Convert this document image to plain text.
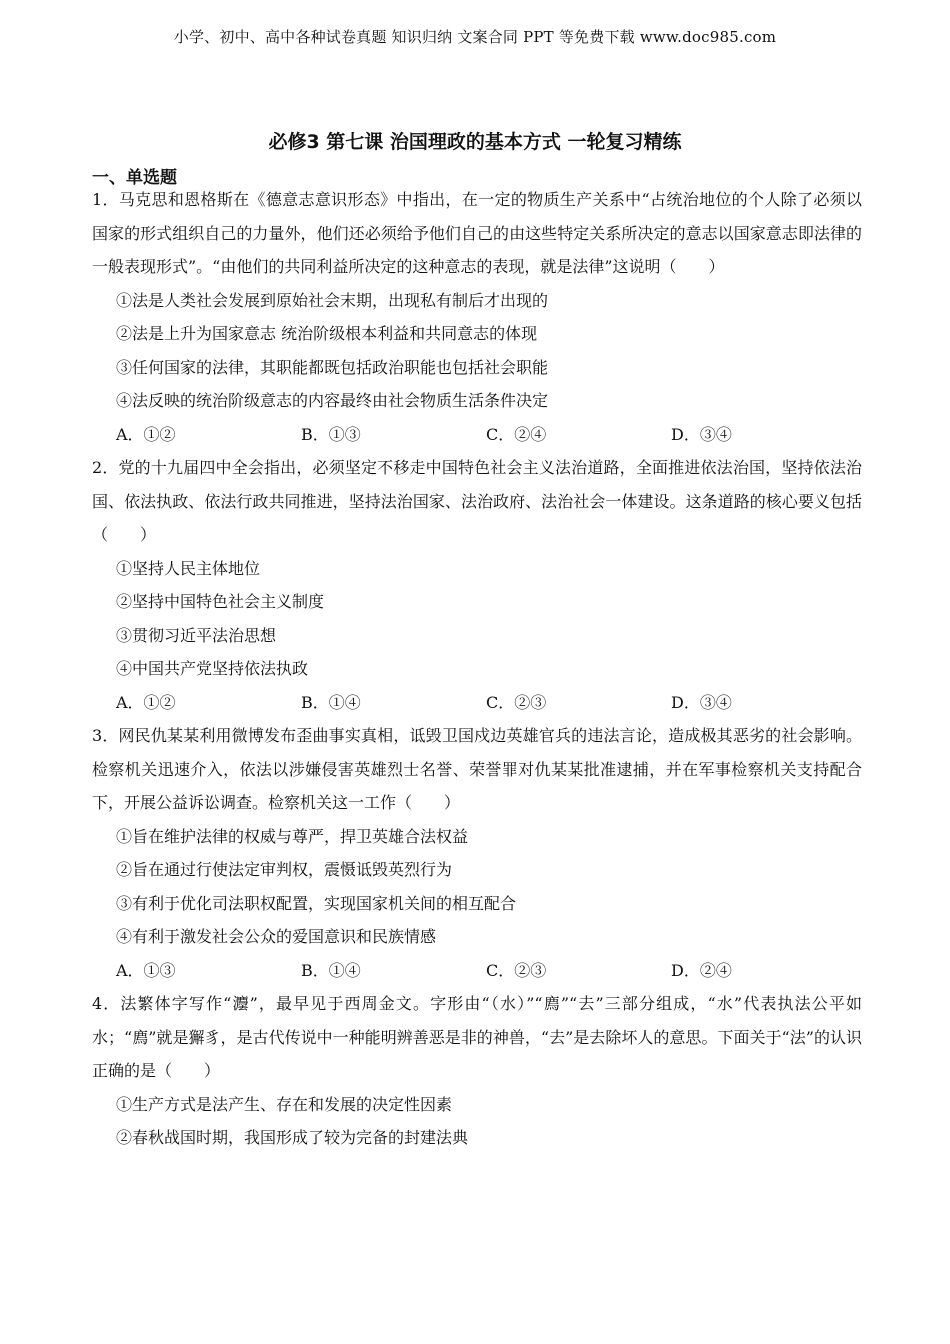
小学、初中、高中各种试卷真题 知识归纳 文案合同 PPT 等免费下载 www.doc985.com
必修3 第七课 治国理政的基本方式 一轮复习精练
一、单选题

1．马克思和恩格斯在《德意志意识形态》中指出，在一定的物质生产关系中“占统治地位的个人除了必须以国家的形式组织自己的力量外，他们还必须给予他们自己的由这些特定关系所决定的意志以国家意志即法律的一般表现形式”。“由他们的共同利益所决定的这种意志的表现，就是法律”这说明（　　）

①法是人类社会发展到原始社会末期，出现私有制后才出现的

②法是上升为国家意志 统治阶级根本利益和共同意志的体现

③任何国家的法律，其职能都既包括政治职能也包括社会职能

④法反映的统治阶级意志的内容最终由社会物质生活条件决定

A．①②	B．①③	C．②④	D．③④

2．党的十九届四中全会指出，必须坚定不移走中国特色社会主义法治道路，全面推进依法治国，坚持依法治国、依法执政、依法行政共同推进，坚持法治国家、法治政府、法治社会一体建设。这条道路的核心要义包括（　　）

①坚持人民主体地位

②坚持中国特色社会主义制度

③贯彻习近平法治思想

④中国共产党坚持依法执政

A．①②	B．①④	C．②③	D．③④

3．网民仇某某利用微博发布歪曲事实真相，诋毁卫国戍边英雄官兵的违法言论，造成极其恶劣的社会影响。检察机关迅速介入，依法以涉嫌侵害英雄烈士名誉、荣誉罪对仇某某批准逮捕，并在军事检察机关支持配合下，开展公益诉讼调查。检察机关这一工作（　　）

①旨在维护法律的权威与尊严，捍卫英雄合法权益

②旨在通过行使法定审判权，震慑诋毁英烈行为

③有利于优化司法职权配置，实现国家机关间的相互配合

④有利于激发社会公众的爱国意识和民族情感

A．①③	B．①④	C．②③	D．②④

4．法繁体字写作“灋”，最早见于西周金文。字形由“（水）”“廌”“去”三部分组成，“水”代表执法公平如水；“廌”就是獬豸，是古代传说中一种能明辨善恶是非的神兽，“去”是去除坏人的意思。下面关于“法”的认识正确的是（　　）

①生产方式是法产生、存在和发展的决定性因素

②春秋战国时期，我国形成了较为完备的封建法典
